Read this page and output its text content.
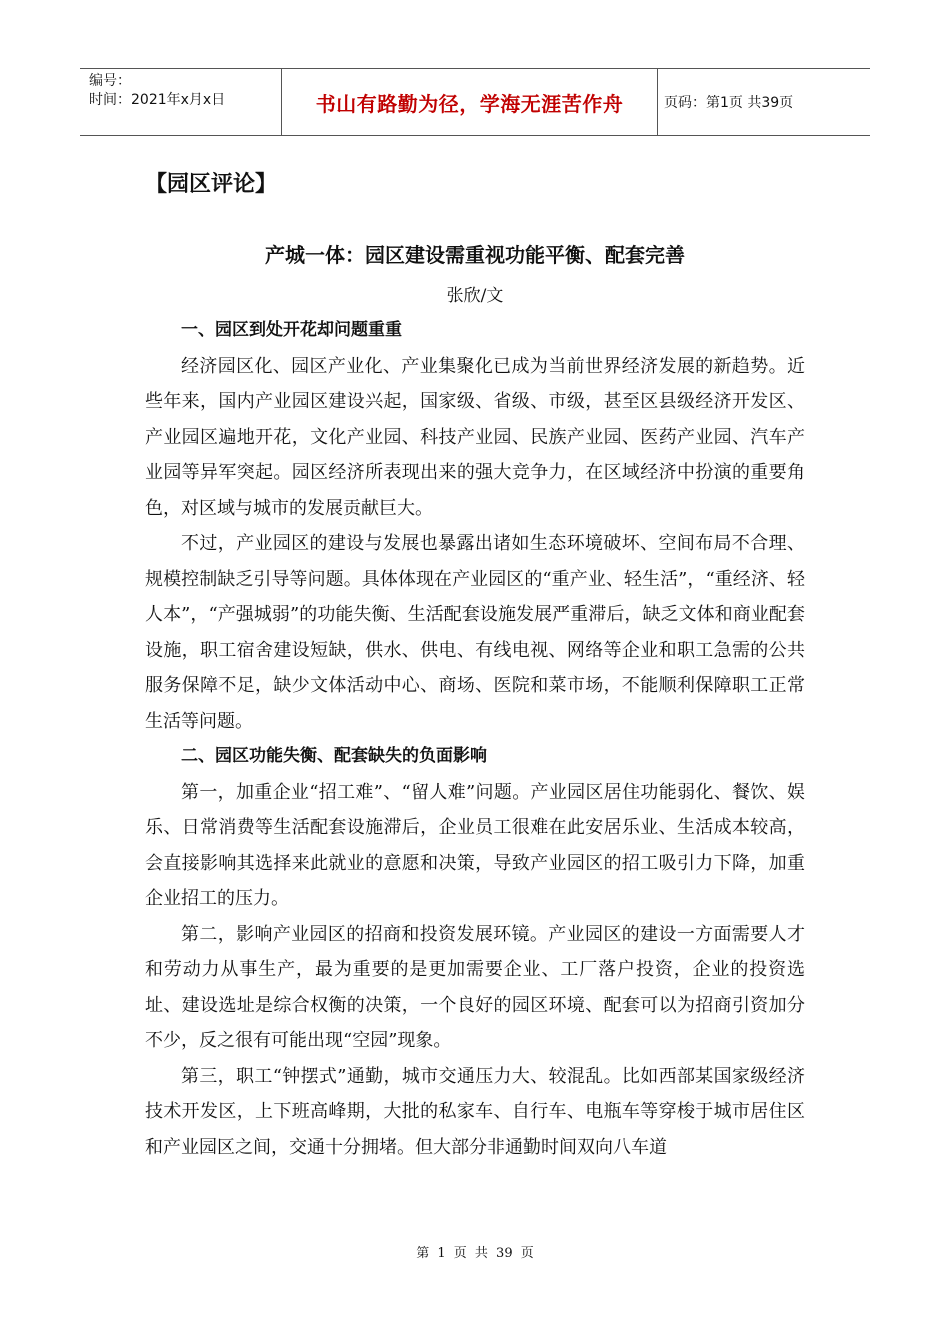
编号：
时间：2021年x月x日	书山有路勤为径，学海无涯苦作舟	页码：第1页 共39页
【园区评论】
产城一体：园区建设需重视功能平衡、配套完善
张欣/文
一、园区到处开花却问题重重

经济园区化、园区产业化、产业集聚化已成为当前世界经济发展的新趋势。近些年来，国内产业园区建设兴起，国家级、省级、市级，甚至区县级经济开发区、产业园区遍地开花，文化产业园、科技产业园、民族产业园、医药产业园、汽车产业园等异军突起。园区经济所表现出来的强大竞争力，在区域经济中扮演的重要角色，对区域与城市的发展贡献巨大。

不过，产业园区的建设与发展也暴露出诸如生态环境破坏、空间布局不合理、规模控制缺乏引导等问题。具体体现在产业园区的“重产业、轻生活”，“重经济、轻人本”，“产强城弱”的功能失衡、生活配套设施发展严重滞后，缺乏文体和商业配套设施，职工宿舍建设短缺，供水、供电、有线电视、网络等企业和职工急需的公共服务保障不足，缺少文体活动中心、商场、医院和菜市场，不能顺利保障职工正常生活等问题。

二、园区功能失衡、配套缺失的负面影响

第一，加重企业“招工难”、“留人难”问题。产业园区居住功能弱化、餐饮、娱乐、日常消费等生活配套设施滞后，企业员工很难在此安居乐业、生活成本较高，会直接影响其选择来此就业的意愿和决策，导致产业园区的招工吸引力下降，加重企业招工的压力。

第二，影响产业园区的招商和投资发展环镜。产业园区的建设一方面需要人才和劳动力从事生产，最为重要的是更加需要企业、工厂落户投资，企业的投资选址、建设选址是综合权衡的决策，一个良好的园区环境、配套可以为招商引资加分不少，反之很有可能出现“空园”现象。

第三，职工“钟摆式”通勤，城市交通压力大、较混乱。比如西部某国家级经济技术开发区，上下班高峰期，大批的私家车、自行车、电瓶车等穿梭于城市居住区和产业园区之间，交通十分拥堵。但大部分非通勤时间双向八车道

第 1 页 共 39 页
